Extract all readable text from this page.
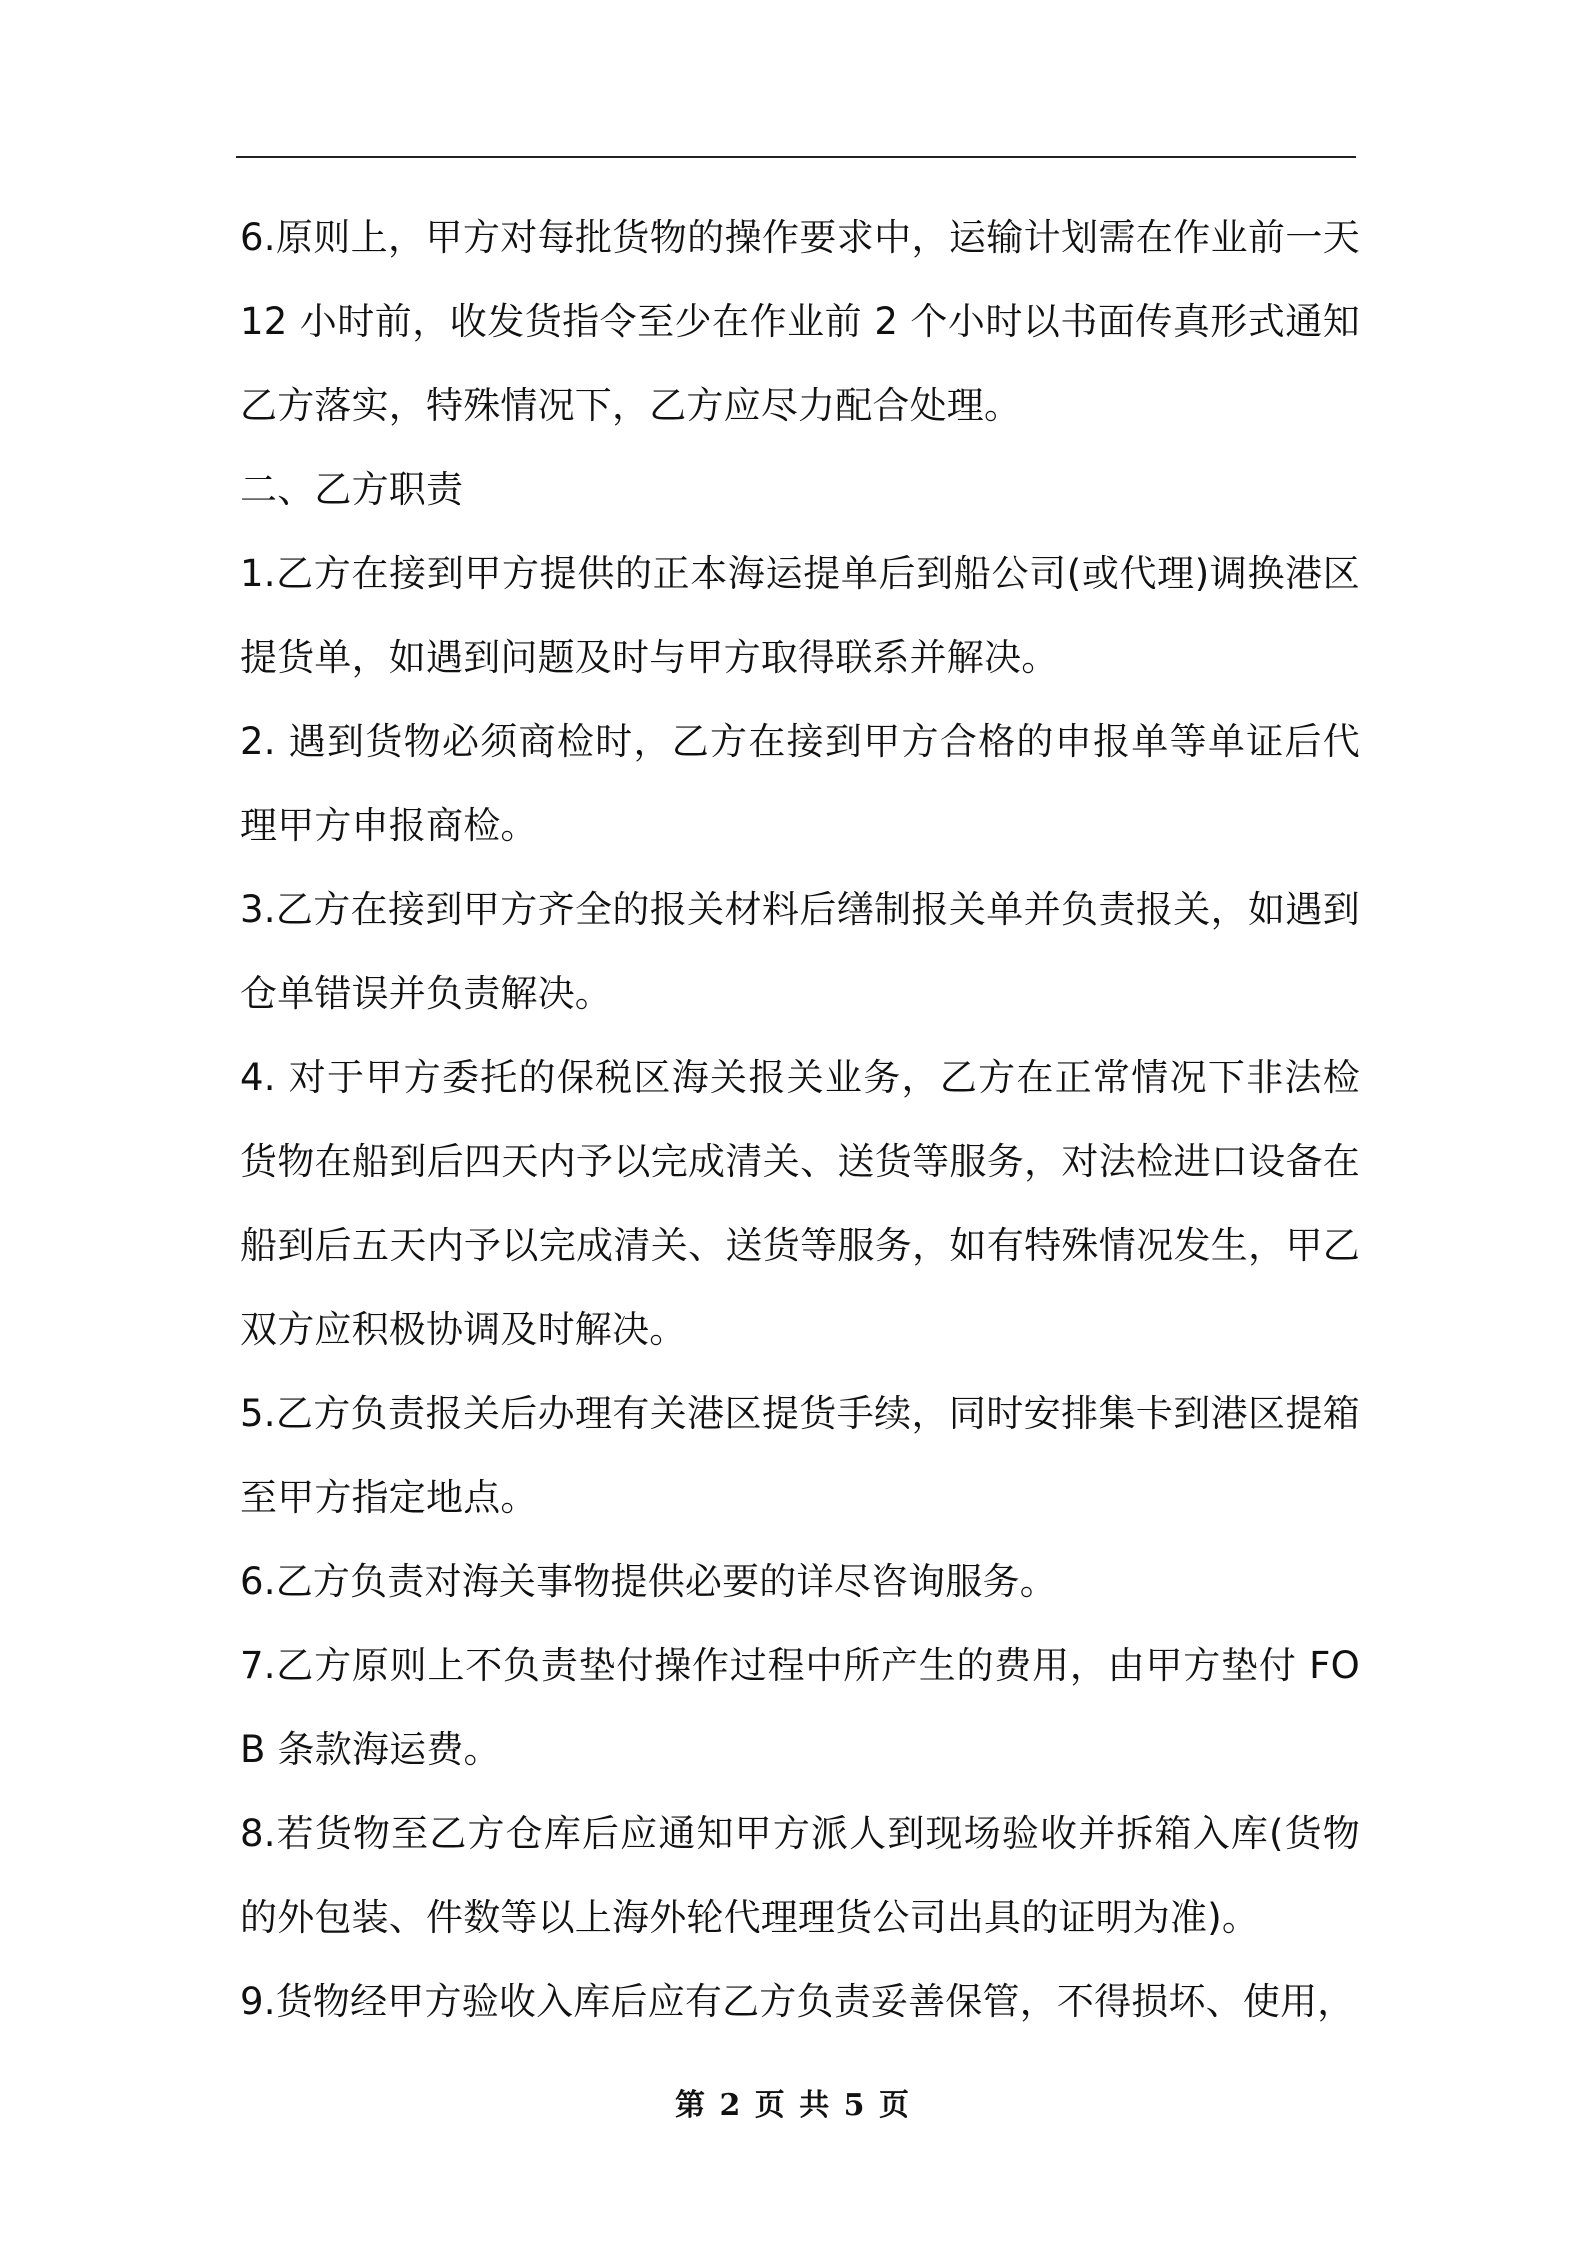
6.原则上，甲方对每批货物的操作要求中，运输计划需在作业前一天12 小时前，收发货指令至少在作业前 2 个小时以书面传真形式通知乙方落实，特殊情况下，乙方应尽力配合处理。

二、乙方职责

1.乙方在接到甲方提供的正本海运提单后到船公司(或代理)调换港区提货单，如遇到问题及时与甲方取得联系并解决。

2. 遇到货物必须商检时，乙方在接到甲方合格的申报单等单证后代理甲方申报商检。

3.乙方在接到甲方齐全的报关材料后缮制报关单并负责报关，如遇到仓单错误并负责解决。

4. 对于甲方委托的保税区海关报关业务，乙方在正常情况下非法检货物在船到后四天内予以完成清关、送货等服务，对法检进口设备在船到后五天内予以完成清关、送货等服务，如有特殊情况发生，甲乙双方应积极协调及时解决。

5.乙方负责报关后办理有关港区提货手续，同时安排集卡到港区提箱至甲方指定地点。

6.乙方负责对海关事物提供必要的详尽咨询服务。

7.乙方原则上不负责垫付操作过程中所产生的费用，由甲方垫付 FOB 条款海运费。

8.若货物至乙方仓库后应通知甲方派人到现场验收并拆箱入库(货物的外包装、件数等以上海外轮代理理货公司出具的证明为准)。

9.货物经甲方验收入库后应有乙方负责妥善保管，不得损坏、使用，

第 2 页 共 5 页
